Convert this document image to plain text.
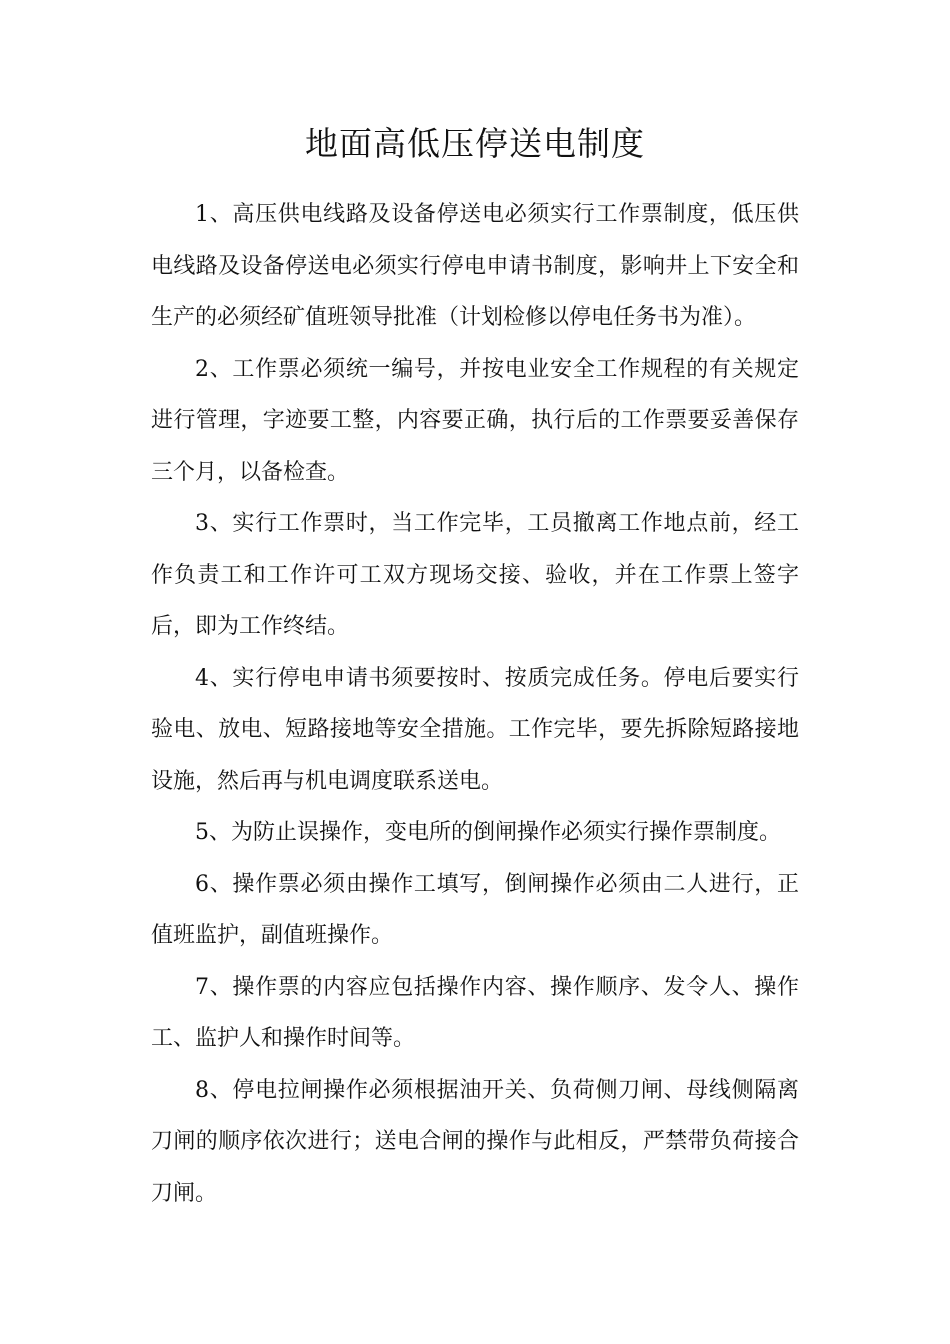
地面高低压停送电制度

1、高压供电线路及设备停送电必须实行工作票制度，低压供电线路及设备停送电必须实行停电申请书制度，影响井上下安全和生产的必须经矿值班领导批准（计划检修以停电任务书为准）。

2、工作票必须统一编号，并按电业安全工作规程的有关规定进行管理，字迹要工整，内容要正确，执行后的工作票要妥善保存三个月，以备检查。

3、实行工作票时，当工作完毕，工员撤离工作地点前，经工作负责工和工作许可工双方现场交接、验收，并在工作票上签字后，即为工作终结。

4、实行停电申请书须要按时、按质完成任务。停电后要实行验电、放电、短路接地等安全措施。工作完毕，要先拆除短路接地设施，然后再与机电调度联系送电。

5、为防止误操作，变电所的倒闸操作必须实行操作票制度。

6、操作票必须由操作工填写，倒闸操作必须由二人进行，正值班监护，副值班操作。

7、操作票的内容应包括操作内容、操作顺序、发令人、操作工、监护人和操作时间等。

8、停电拉闸操作必须根据油开关、负荷侧刀闸、母线侧隔离刀闸的顺序依次进行；送电合闸的操作与此相反，严禁带负荷接合刀闸。
